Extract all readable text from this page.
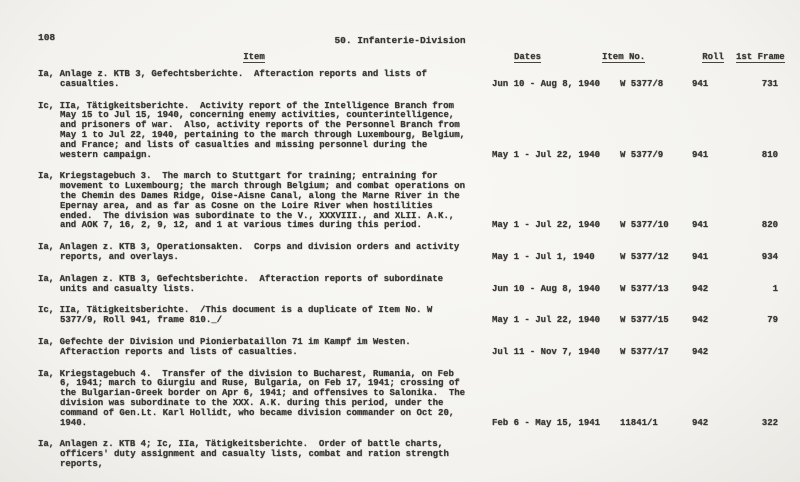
108	50. Infanterie-Division
Item	Dates	Item No.	Roll	1st Frame
Ia, Anlage z. KTB 3, Gefechtsberichte.  Afteraction reports and lists of casualties.	Jun 10 - Aug 8, 1940	W 5377/8	941	731
Ic, IIa, Tätigkeitsberichte.  Activity report of the Intelligence Branch from May 15 to Jul 15, 1940, concerning enemy activities, counterintelligence, and prisoners of war.  Also, activity reports of the Personnel Branch from May 1 to Jul 22, 1940, pertaining to the march through Luxembourg, Belgium, and France; and lists of casualties and missing personnel during the western campaign.	May 1 - Jul 22, 1940	W 5377/9	941	810
Ia, Kriegstagebuch 3.  The march to Stuttgart for training; entraining for movement to Luxembourg; the march through Belgium; and combat operations on the Chemin des Dames Ridge, Oise-Aisne Canal, along the Marne River in the Epernay area, and as far as Cosne on the Loire River when hostilities ended.  The division was subordinate to the V., XXXVIII., and XLII. A.K., and AOK 7, 16, 2, 9, 12, and 1 at various times during this period.	May 1 - Jul 22, 1940	W 5377/10	941	820
Ia, Anlagen z. KTB 3, Operationsakten.  Corps and division orders and activity reports, and overlays.	May 1 - Jul 1, 1940	W 5377/12	941	934
Ia, Anlagen z. KTB 3, Gefechtsberichte.  Afteraction reports of subordinate units and casualty lists.	Jun 10 - Aug 8, 1940	W 5377/13	942	1
Ic, IIa, Tätigkeitsberichte.  /This document is a duplicate of Item No. W 5377/9, Roll 941, frame 810._/	May 1 - Jul 22, 1940	W 5377/15	942	79
Ia, Gefechte der Division und Pionierbataillon 71 im Kampf im Westen.  Afteraction reports and lists of casualties.	Jul 11 - Nov 7, 1940	W 5377/17	942
Ia, Kriegstagebuch 4.  Transfer of the division to Bucharest, Rumania, on Feb 6, 1941; march to Giurgiu and Ruse, Bulgaria, on Feb 17, 1941; crossing of the Bulgarian-Greek border on Apr 6, 1941; and offensives to Salonika.  The division was subordinate to the XXX. A.K. during this period, under the command of Gen.Lt. Karl Hollidt, who became division commander on Oct 20, 1940.	Feb 6 - May 15, 1941	11841/1	942	322
Ia, Anlagen z. KTB 4; Ic, IIa, Tätigkeitsberichte.  Order of battle charts, officers' duty assignment and casualty lists, combat and ration strength reports,
